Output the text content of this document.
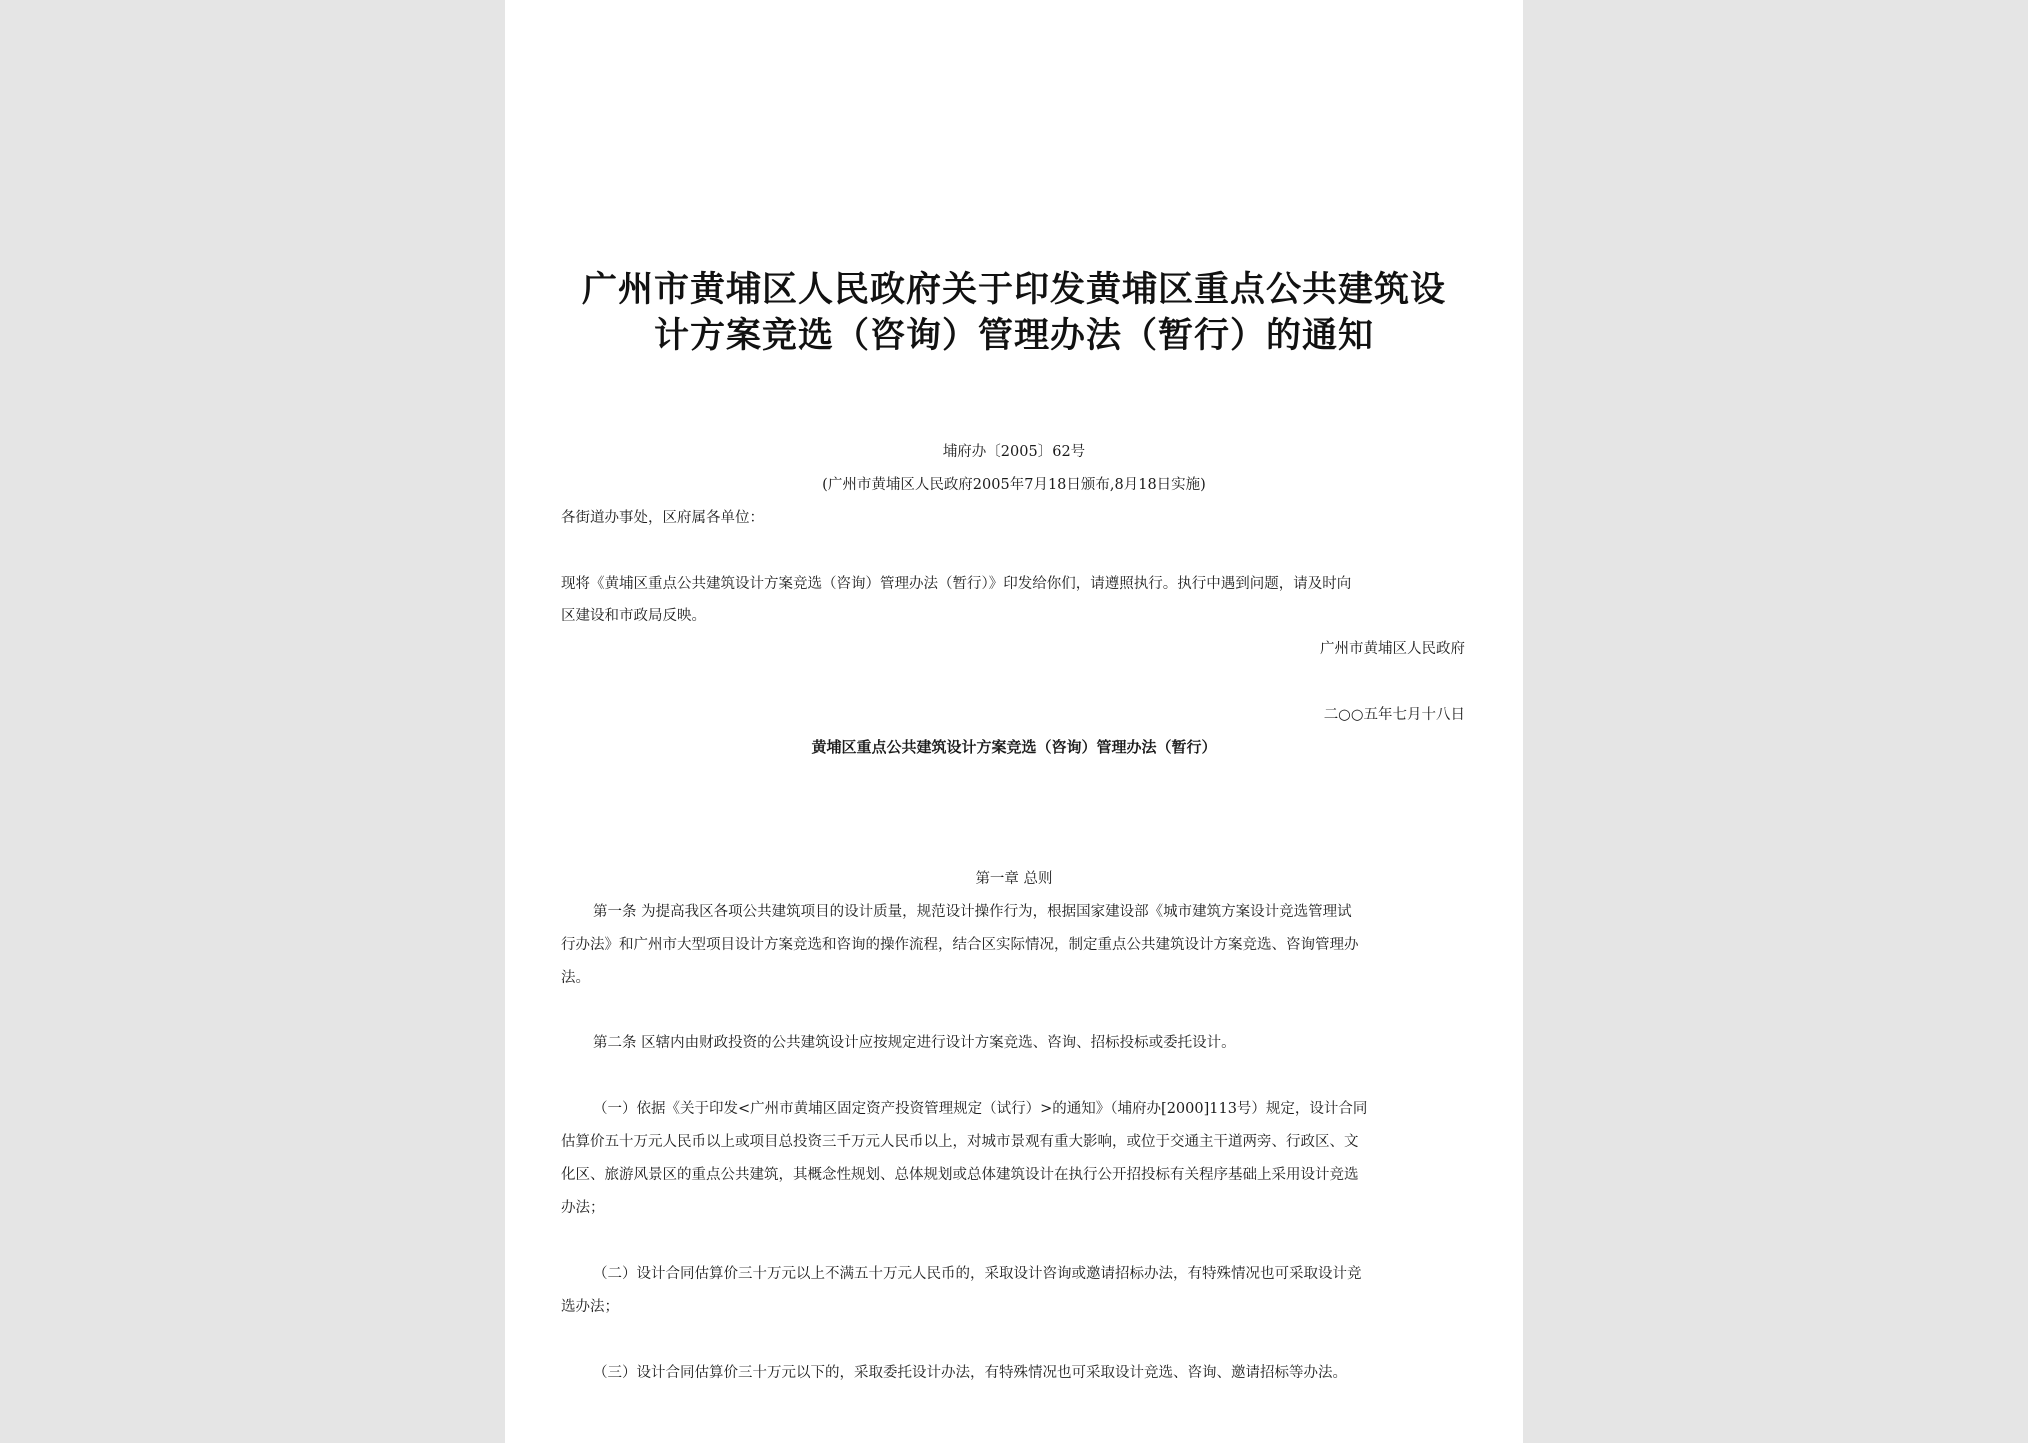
广州市黄埔区人民政府关于印发黄埔区重点公共建筑设
计方案竞选（咨询）管理办法（暂行）的通知
埔府办〔2005〕62号
(广州市黄埔区人民政府2005年7月18日颁布,8月18日实施)
各街道办事处，区府属各单位：
现将《黄埔区重点公共建筑设计方案竞选（咨询）管理办法（暂行）》印发给你们，请遵照执行。执行中遇到问题，请及时向
区建设和市政局反映。
广州市黄埔区人民政府
二○○五年七月十八日
黄埔区重点公共建筑设计方案竞选（咨询）管理办法（暂行）
第一章 总则
第一条 为提高我区各项公共建筑项目的设计质量，规范设计操作行为，根据国家建设部《城市建筑方案设计竞选管理试
行办法》和广州市大型项目设计方案竞选和咨询的操作流程，结合区实际情况，制定重点公共建筑设计方案竞选、咨询管理办
法。
第二条 区辖内由财政投资的公共建筑设计应按规定进行设计方案竞选、咨询、招标投标或委托设计。
（一）依据《关于印发<广州市黄埔区固定资产投资管理规定（试行）>的通知》（埔府办[2000]113号）规定，设计合同
估算价五十万元人民币以上或项目总投资三千万元人民币以上，对城市景观有重大影响，或位于交通主干道两旁、行政区、文
化区、旅游风景区的重点公共建筑，其概念性规划、总体规划或总体建筑设计在执行公开招投标有关程序基础上采用设计竞选
办法；
（二）设计合同估算价三十万元以上不满五十万元人民币的，采取设计咨询或邀请招标办法，有特殊情况也可采取设计竞
选办法；
（三）设计合同估算价三十万元以下的，采取委托设计办法，有特殊情况也可采取设计竞选、咨询、邀请招标等办法。
